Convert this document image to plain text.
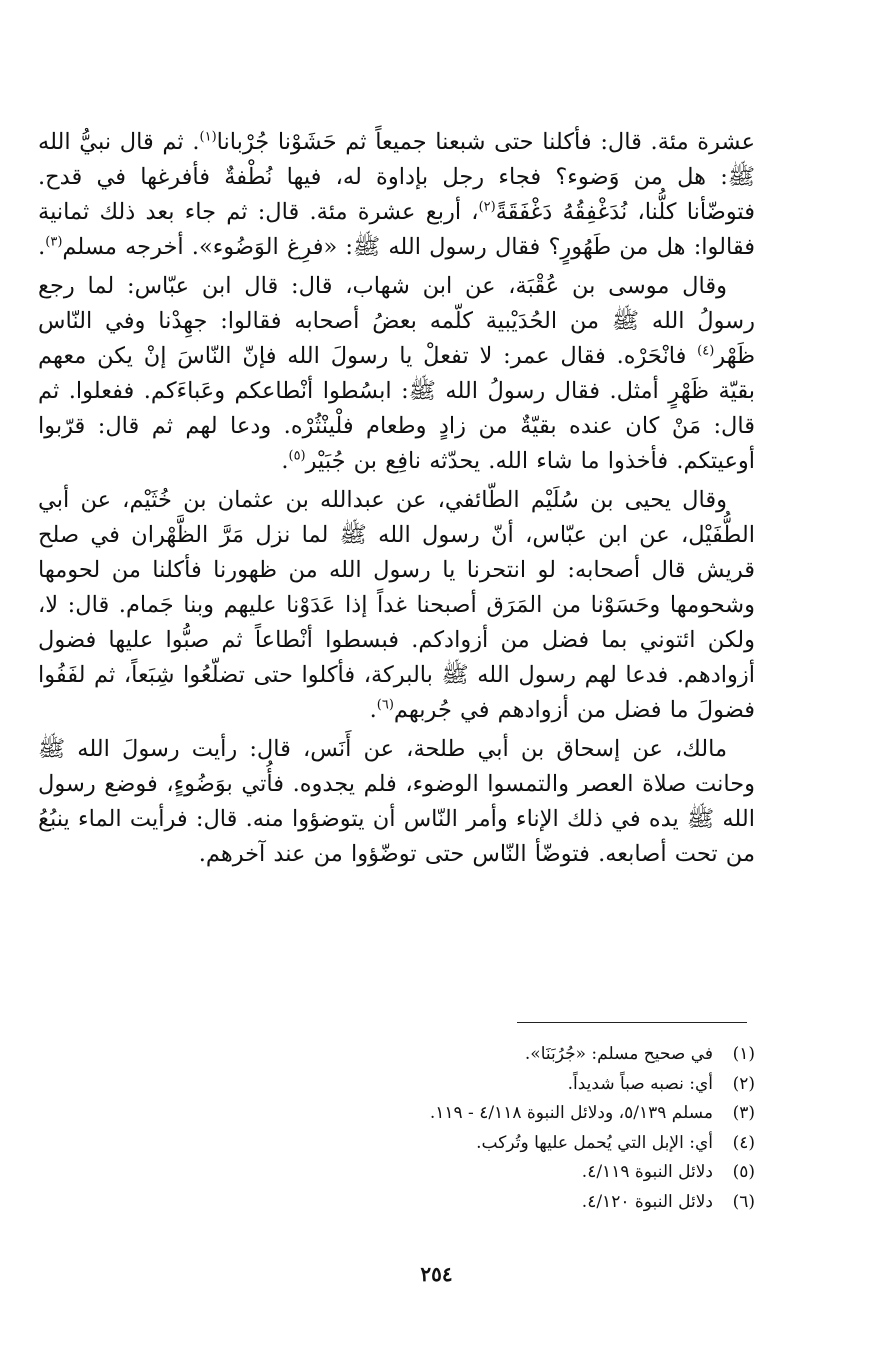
عشرة مئة. قال: فأكلنا حتى شبعنا جميعاً ثم حَشَوْنا جُرْبانا$^{(١)}$. ثم قال نبيُّ الله ﷺ: هل من وَضوء؟ فجاء رجل بإداوة له، فيها نُطْفةٌ فأفرغها في قدح. فتوضّأنا كلُّنا، نُدَغْفِقُهُ دَغْفَقَةً$^{(٢)}$، أربع عشرة مئة. قال: ثم جاء بعد ذلك ثمانية فقالوا: هل من طَهُورٍ؟ فقال رسول الله ﷺ: «فرِغ الوَضُوء». أخرجه مسلم$^{(٣)}$.

وقال موسى بن عُقْبَة، عن ابن شهاب، قال: قال ابن عبّاس: لما رجع رسولُ الله ﷺ من الحُدَيْبية كلّمه بعضُ أصحابه فقالوا: جهِدْنا وفي النّاس ظَهْر$^{(٤)}$ فانْحَرْه. فقال عمر: لا تفعلْ يا رسولَ الله فإنّ النّاسَ إنْ يكن معهم بقيّة ظَهْرٍ أمثل. فقال رسولُ الله ﷺ: ابسُطوا أنْطاعكم وعَباءَكم. ففعلوا. ثم قال: مَنْ كان عنده بقيّةٌ من زادٍ وطعام فلْينْثُرْه. ودعا لهم ثم قال: قرّبوا أوعيتكم. فأخذوا ما شاء الله. يحدّثه نافِع بن جُبَيْر$^{(٥)}$.

وقال يحيى بن سُلَيْم الطّائفي، عن عبدالله بن عثمان بن خُثَيْم، عن أبي الطُّفَيْل، عن ابن عبّاس، أنّ رسول الله ﷺ لما نزل مَرَّ الظَّهْران في صلح قريش قال أصحابه: لو انتحرنا يا رسول الله من ظهورنا فأكلنا من لحومها وشحومها وحَسَوْنا من المَرَق أصبحنا غداً إذا عَدَوْنا عليهم وبنا جَمام. قال: لا، ولكن ائتوني بما فضل من أزوادكم. فبسطوا أنْطاعاً ثم صبُّوا عليها فضول أزوادهم. فدعا لهم رسول الله ﷺ بالبركة، فأكلوا حتى تضلّعُوا شِبَعاً، ثم لفَفُوا فضولَ ما فضل من أزوادهم في جُربهم$^{(٦)}$.

مالك، عن إسحاق بن أبي طلحة، عن أَنَس، قال: رأيت رسولَ الله ﷺ وحانت صلاة العصر والتمسوا الوضوء، فلم يجدوه. فأُتي بوَضُوءٍ، فوضع رسول الله ﷺ يده في ذلك الإناء وأمر النّاس أن يتوضؤوا منه. قال: فرأيت الماء ينبُعُ من تحت أصابعه. فتوضّأ النّاس حتى توضّؤوا من عند آخرهم.

(١)
في صحيح مسلم: «جُرُبَنَا».
(٢)
أي: نصبه صباً شديداً.
(٣)
مسلم ٥/١٣٩، ودلائل النبوة ٤/١١٨ - ١١٩.
(٤)
أي: الإبل التي يُحمل عليها وتُركب.
(٥)
دلائل النبوة ٤/١١٩.
(٦)
دلائل النبوة ٤/١٢٠.
٢٥٤
